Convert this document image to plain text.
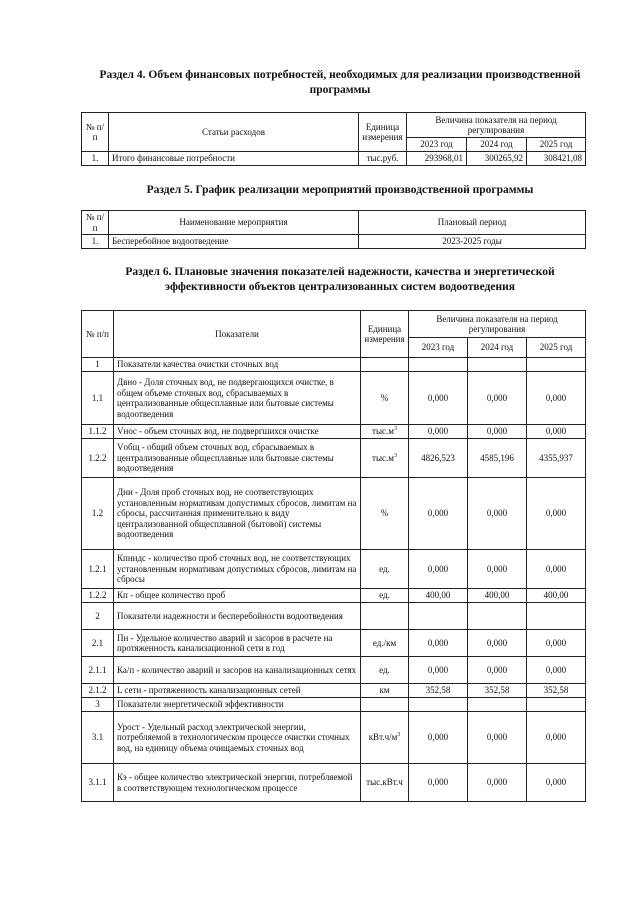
Раздел 4. Объем финансовых потребностей, необходимых для реализации производственной программы
№ п/п	Статьи расходов	Единица измерения	Величина показателя на период регулирования		
			2023 год	2024 год	2025 год
1.	Итого финансовые потребности	тыс.руб.	293968,01	300265,92	308421,08
Раздел 5. График реализации мероприятий производственной программы
№ п/п	Наименование мероприятия	Плановый период
1.	Бесперебойное водоотведение	2023-2025 годы
Раздел 6. Плановые значения показателей надежности, качества и энергетической эффективности объектов централизованных систем водоотведения
№ п/п	Показатели	Единица измерения	Величина показателя на период регулирования		
			2023 год	2024 год	2025 год
1	Показатели качества очистки сточных вод				
1.1	Двно - Доля сточных вод, не подвергающихся очистке, в общем объеме сточных вод, сбрасываемых в централизованные общесплавные или бытовые системы водоотведения	%	0,000	0,000	0,000
1.1.2	Vноc - объем сточных вод, не подвергшихся очистке	$тыс.м^3$	0,000	0,000	0,000
1.2.2	Vобщ - общий объем сточных вод, сбрасываемых в централизованные общесплавные или бытовые системы водоотведения	$тыс.м^3$	4826,523	4585,196	4355,937
1.2	Дни - Доля проб сточных вод, не соответствующих установленным нормативам допустимых сбросов, лимитам на сбросы, рассчитанная применительно к виду централизованной общесплавной (бытовой) системы водоотведения	%	0,000	0,000	0,000
1.2.1	Кпнндс - количество проб сточных вод, не соответствующих установленным нормативам допустимых сбросов, лимитам на сбросы	ед.	0,000	0,000	0,000
1.2.2	Кп - общее количество проб	ед.	400,00	400,00	400,00
2	Показатели надежности и бесперебойности водоотведения				
2.1	Пн - Удельное количество аварий и засоров в расчете на протяженность канализационной сети в год	ед./км	0,000	0,000	0,000
2.1.1	Ка/п - количество аварий и засоров на канализационных сетях	ед.	0,000	0,000	0,000
2.1.2	L сети - протяженность канализационных сетей	км	352,58	352,58	352,58
3	Показатели энергетической эффективности				
3.1	Урост - Удельный расход электрической энергии, потребляемой в технологическом процессе очистки сточных вод, на единицу объема очищаемых сточных вод	$кВт.ч/м^3$	0,000	0,000	0,000
3.1.1	Кэ - общее количество электрической энергии, потребляемой в соответствующем технологическом процессе	тыс.кВт.ч	0,000	0,000	0,000
